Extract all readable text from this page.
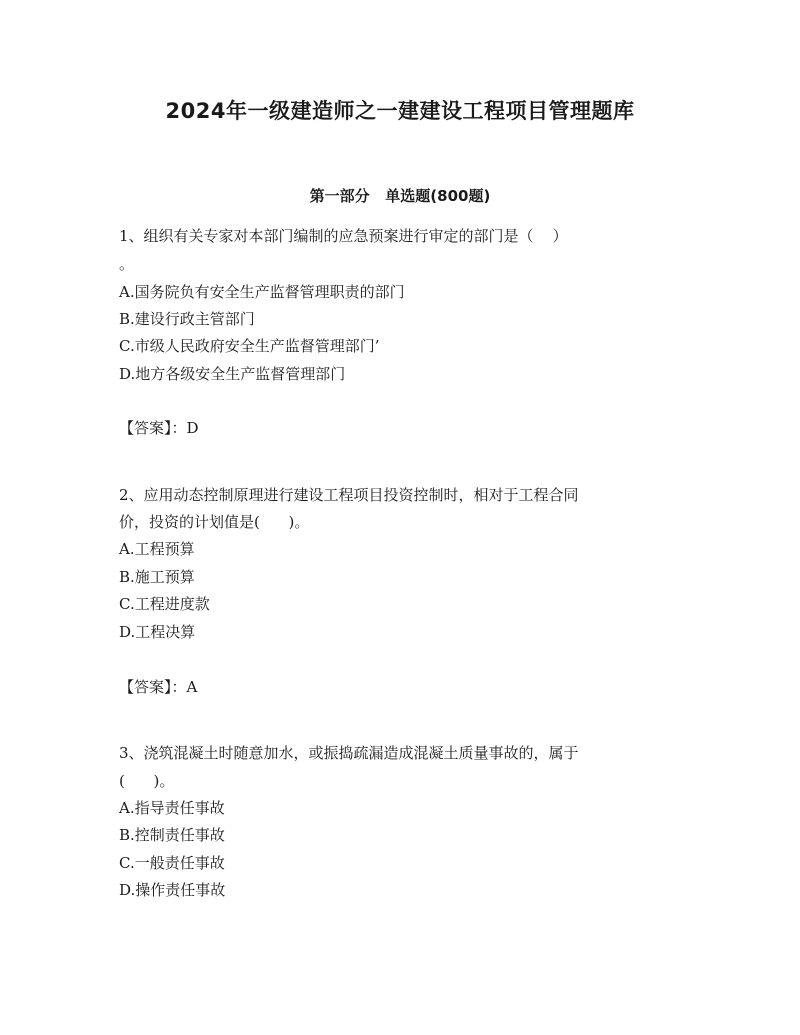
2024年一级建造师之一建建设工程项目管理题库
第一部分   单选题(800题)
1、组织有关专家对本部门编制的应急预案进行审定的部门是（    ）
。
A.国务院负有安全生产监督管理职责的部门
B.建设行政主管部门
C.市级人民政府安全生产监督管理部门’
D.地方各级安全生产监督管理部门
【答案】：D
2、应用动态控制原理进行建设工程项目投资控制时，相对于工程合同
价，投资的计划值是(      )。
A.工程预算
B.施工预算
C.工程进度款
D.工程决算
【答案】：A
3、浇筑混凝土时随意加水，或振捣疏漏造成混凝土质量事故的，属于
(      )。
A.指导责任事故
B.控制责任事故
C.一般责任事故
D.操作责任事故
